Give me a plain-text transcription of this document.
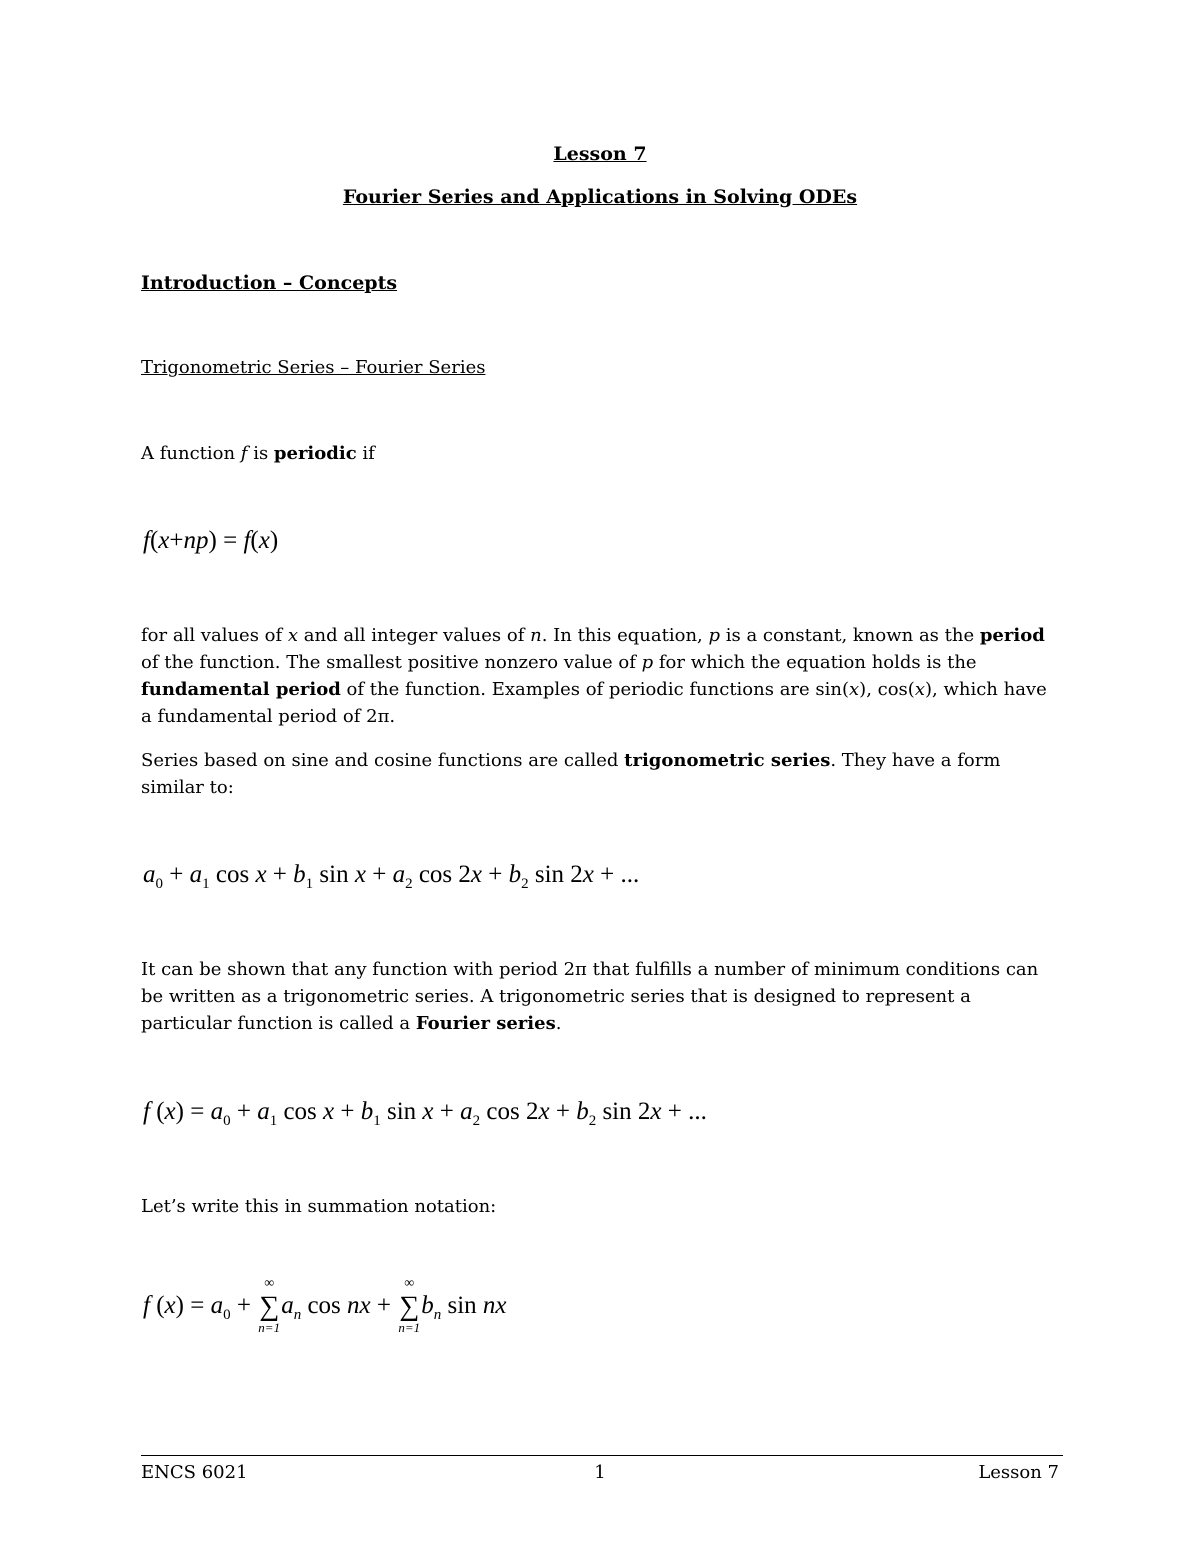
Lesson 7
Fourier Series and Applications in Solving ODEs
Introduction – Concepts
Trigonometric Series – Fourier Series
A function f is periodic if
f(x+np) = f(x)
for all values of x and all integer values of n. In this equation, p is a constant, known as the period of the function. The smallest positive nonzero value of p for which the equation holds is the fundamental period of the function. Examples of periodic functions are sin(x), cos(x), which have a fundamental period of 2π.
Series based on sine and cosine functions are called trigonometric series. They have a form similar to:
$a_0 + a_1$ $\cos x + b_1$ $\sin x + a_2$ $\cos 2x + b_2$ sin 2x + ...
It can be shown that any function with period 2π that fulfills a number of minimum conditions can be written as a trigonometric series. A trigonometric series that is designed to represent a particular function is called a Fourier series.
f $(x) = a_0 + a_1$ $\cos x + b_1$ $\sin x + a_2$ $\cos 2x + b_2$ sin 2x + ...
Let’s write this in summation notation:
f $(x) = a_0$ +
∞
∑
n=1
$a_n$ cos nx +
∞
∑
n=1
$b_n$ sin nx
ENCS 6021	1	Lesson 7
